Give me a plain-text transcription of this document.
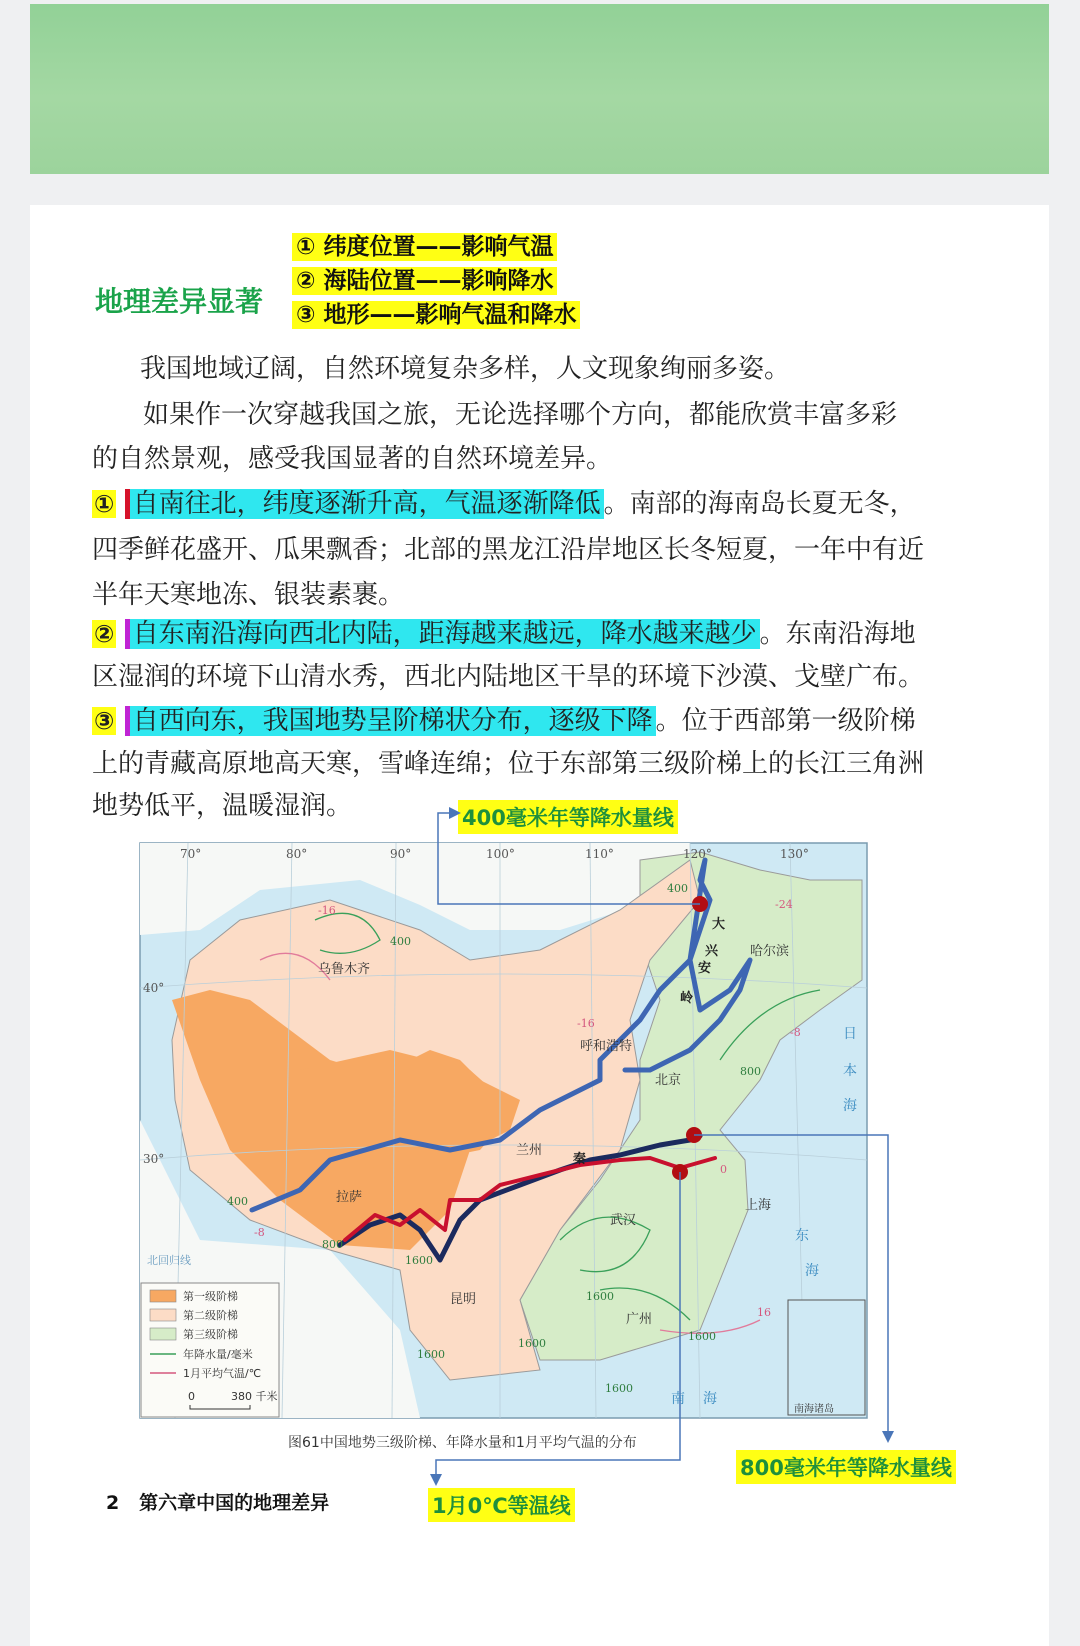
地理差异显著
① 纬度位置——影响气温
② 海陆位置——影响降水
③ 地形——影响气温和降水
我国地域辽阔，自然环境复杂多样，人文现象绚丽多姿。
如果作一次穿越我国之旅，无论选择哪个方向，都能欣赏丰富多彩
的自然景观，感受我国显著的自然环境差异。
① 自南往北，纬度逐渐升高，气温逐渐降低 。南部的海南岛长夏无冬，
四季鲜花盛开、瓜果飘香；北部的黑龙江沿岸地区长冬短夏，一年中有近
半年天寒地冻、银装素裹。
② 自东南沿海向西北内陆，距海越来越远，降水越来越少 。东南沿海地
区湿润的环境下山清水秀，西北内陆地区干旱的环境下沙漠、戈壁广布。
③ 自西向东，我国地势呈阶梯状分布，逐级下降 。位于西部第一级阶梯
上的青藏高原地高天寒，雪峰连绵；位于东部第三级阶梯上的长江三角洲
地势低平，温暖湿润。	400毫米年等降水量线
800毫米年等降水量线
1月0℃等温线
70°	80°	90°	100°	110°	120°	130°
40°
30°
乌鲁木齐
哈尔滨
呼和浩特
北京
兰州
上海
拉萨
武汉
昆明
广州
大
兴
安
岭
秦
日
本
海
东
海
南 海
北回归线
400
400
400
800
800
1600
1600
1600
1600
1600
1600
-24
-16
-16
-8
-8
0
16
南海诸岛
第一级阶梯
第二级阶梯
第三级阶梯
年降水量/毫米
1月平均气温/℃
0	380 千米
图61中国地势三级阶梯、年降水量和1月平均气温的分布
2   第六章中国的地理差异
